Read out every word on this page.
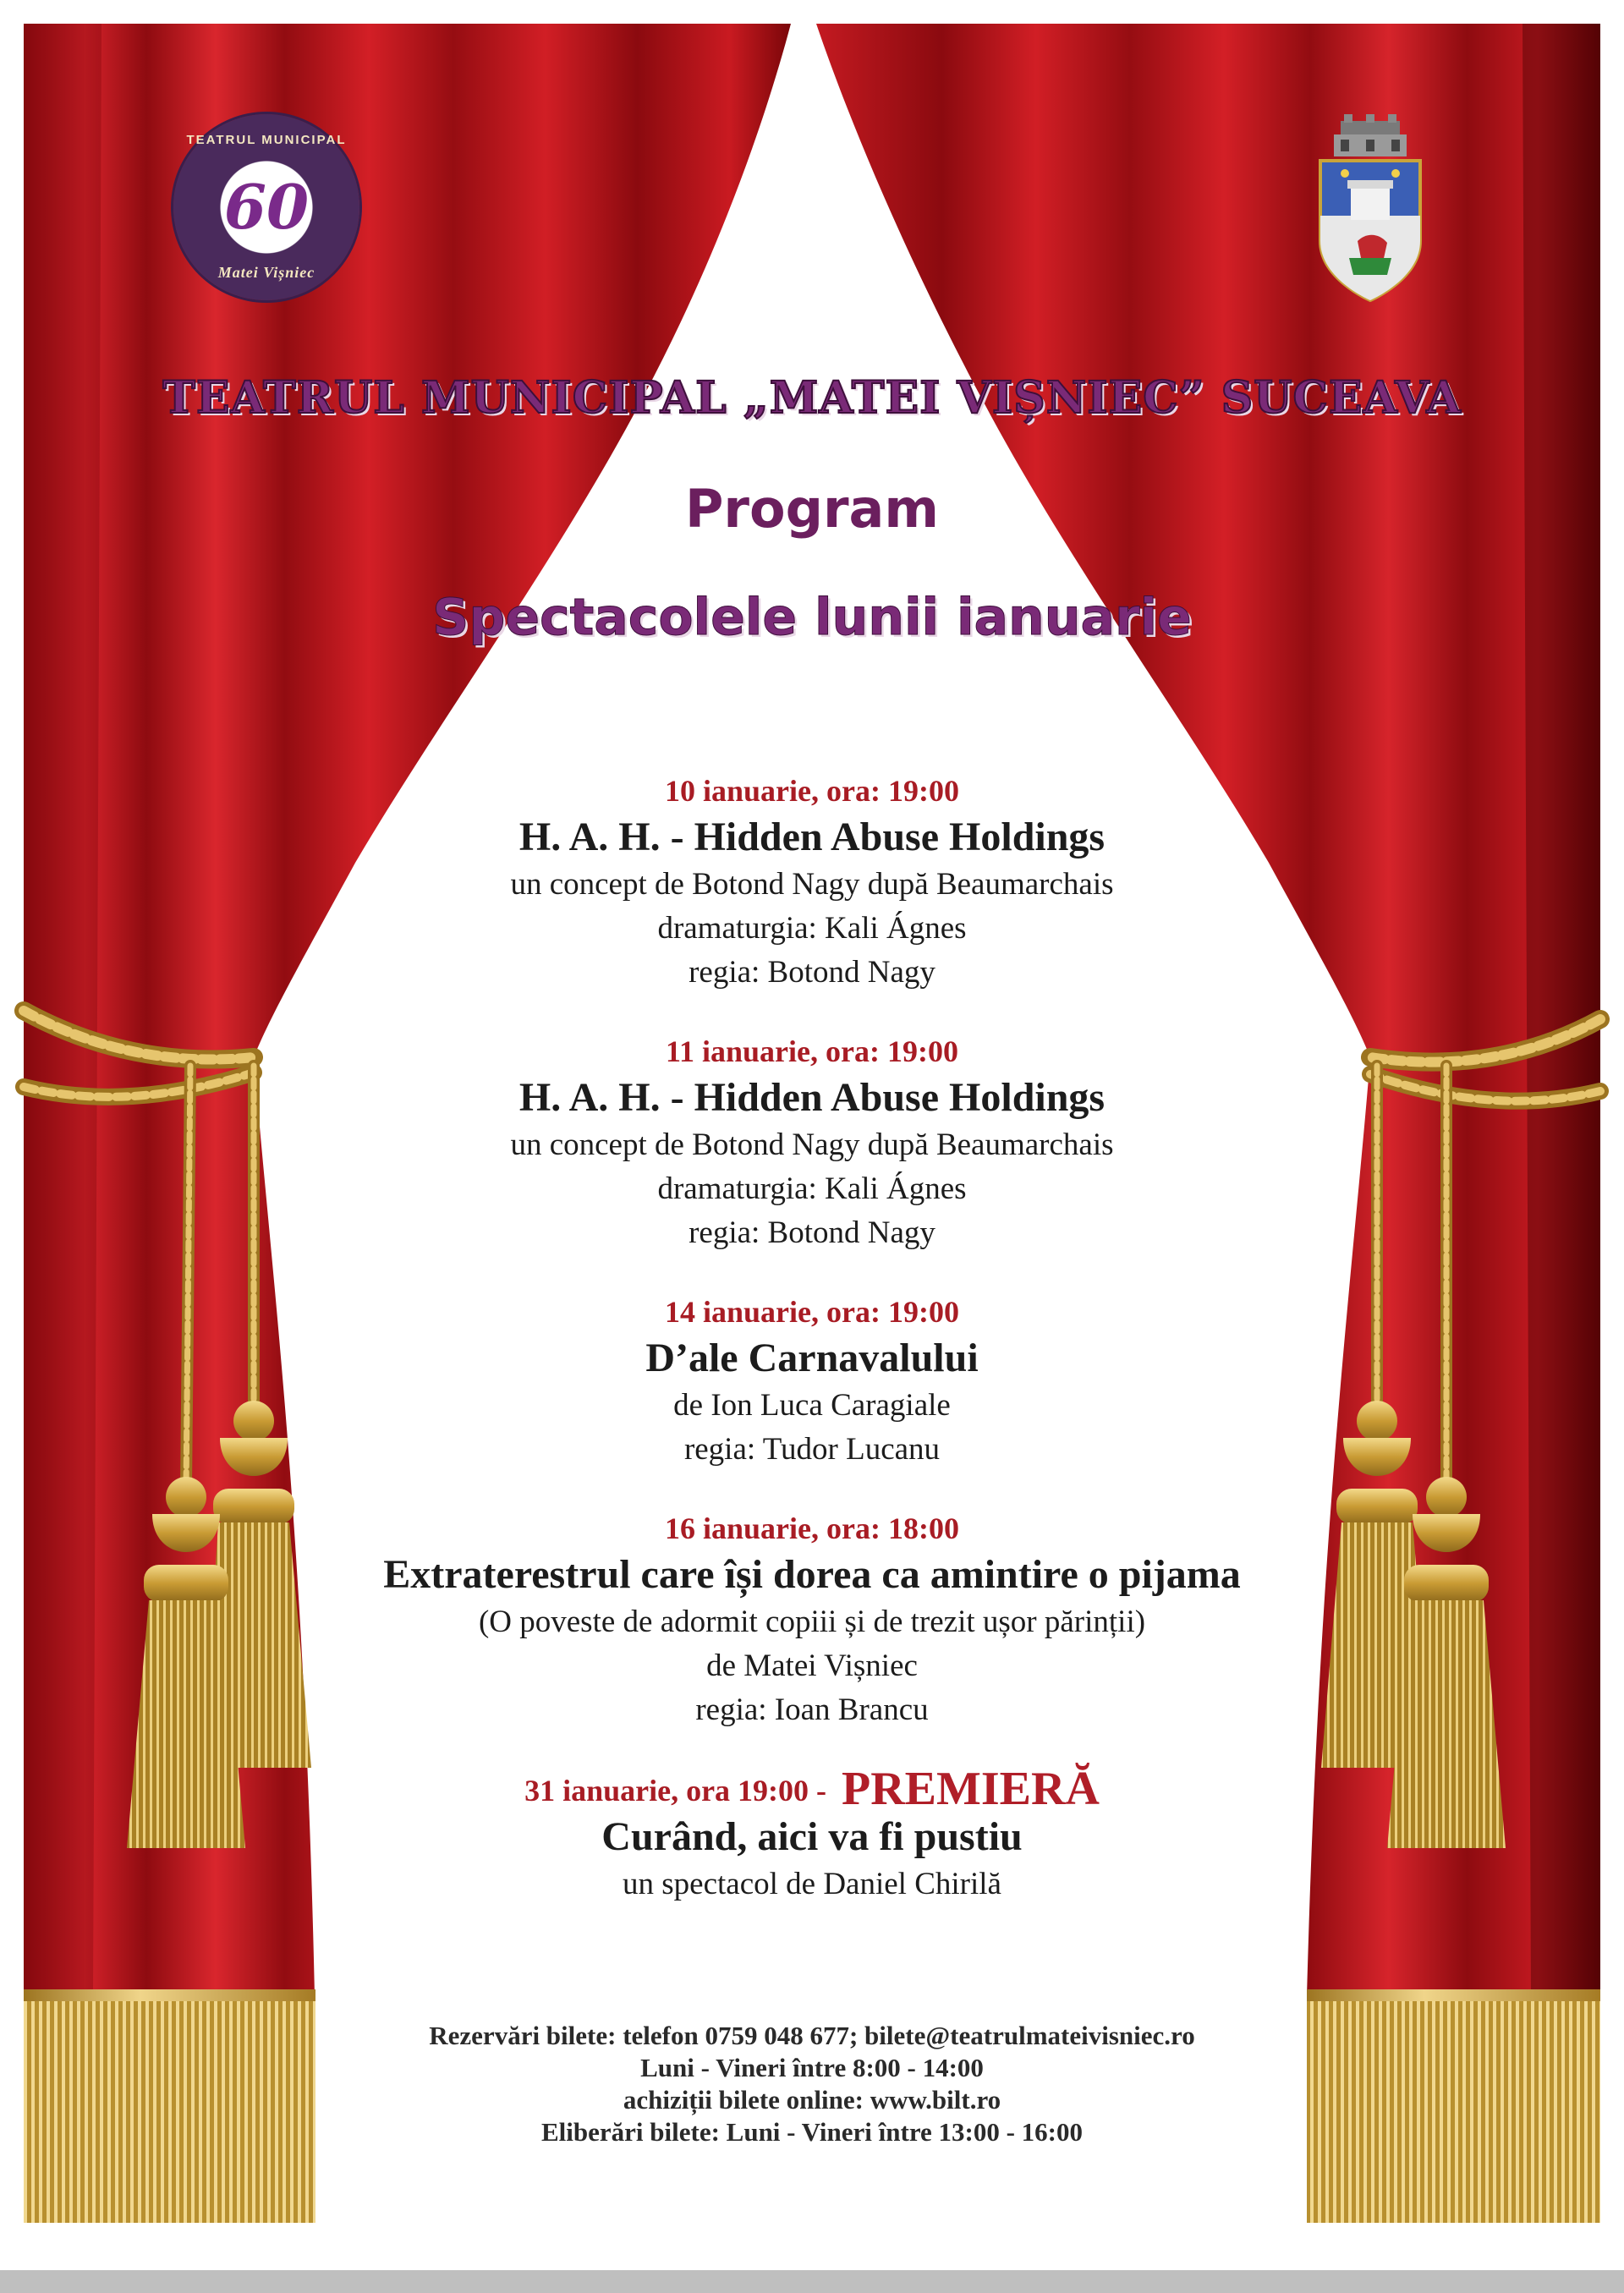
TEATRUL MUNICIPAL
60
Matei Vișniec
TEATRUL MUNICIPAL „MATEI VIȘNIEC” SUCEAVA
Program
Spectacolele lunii ianuarie
10 ianuarie, ora: 19:00
H. A. H. - Hidden Abuse Holdings
un concept de Botond Nagy după Beaumarchais
dramaturgia: Kali Ágnes
regia: Botond Nagy
11 ianuarie, ora: 19:00
H. A. H. - Hidden Abuse Holdings
un concept de Botond Nagy după Beaumarchais
dramaturgia: Kali Ágnes
regia: Botond Nagy
14 ianuarie, ora: 19:00
D’ale Carnavalului
de Ion Luca Caragiale
regia: Tudor Lucanu
16 ianuarie, ora: 18:00
Extraterestrul care își dorea ca amintire o pijama
(O poveste de adormit copiii și de trezit ușor părinții)
de Matei Vișniec
regia: Ioan Brancu
31 ianuarie, ora 19:00 - PREMIERĂ
Curând, aici va fi pustiu
un spectacol de Daniel Chirilă
Rezervări bilete: telefon 0759 048 677; bilete@teatrulmateivisniec.ro
Luni - Vineri între 8:00 - 14:00
achiziții bilete online: www.bilt.ro
Eliberări bilete: Luni - Vineri între 13:00 - 16:00
